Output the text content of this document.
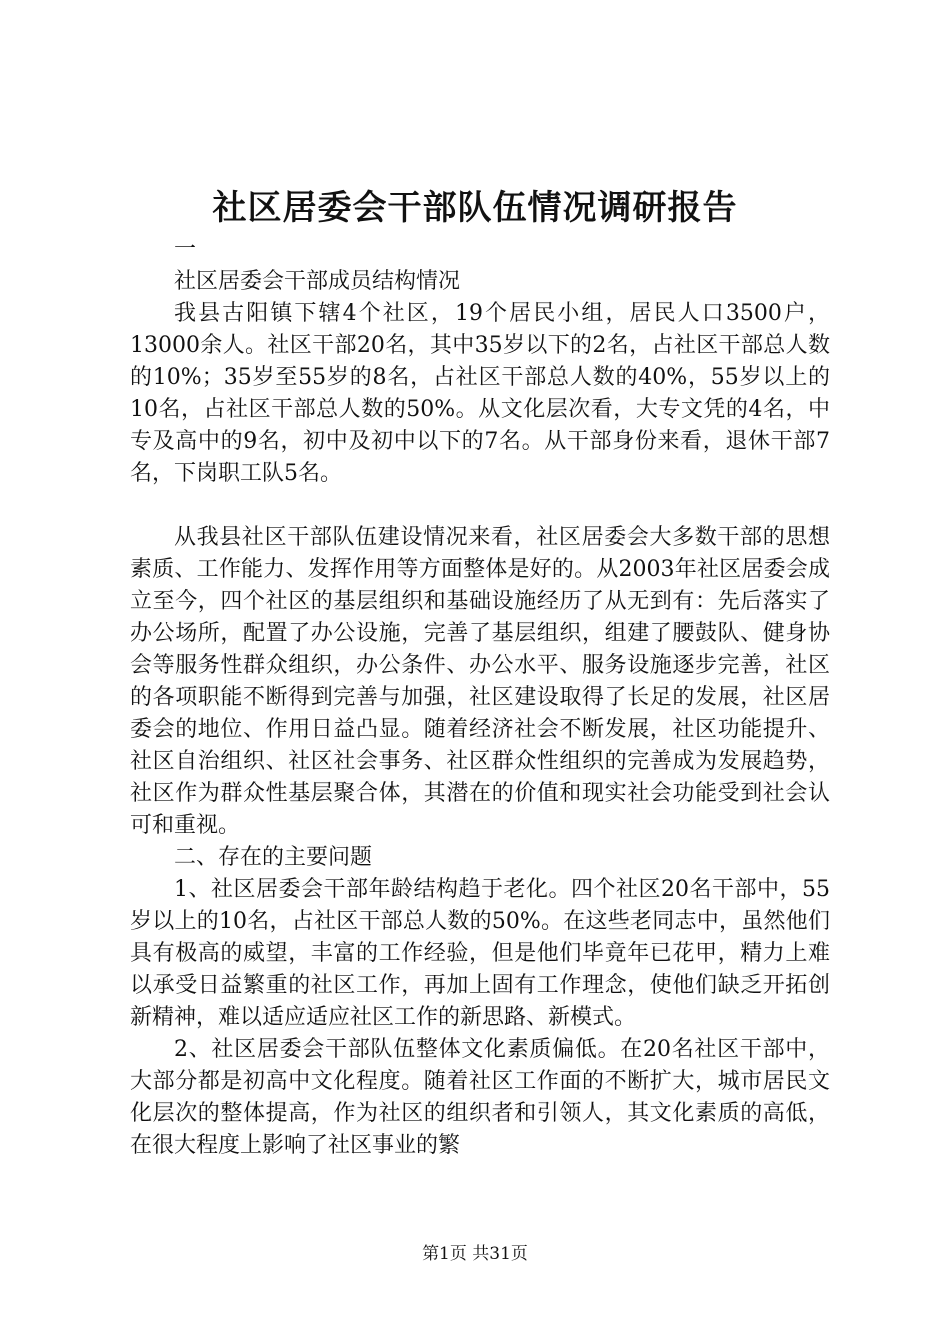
社区居委会干部队伍情况调研报告

一

社区居委会干部成员结构情况

我县古阳镇下辖4个社区，19个居民小组，居民人口3500户，13000余人。社区干部20名，其中35岁以下的2名，占社区干部总人数的10%；35岁至55岁的8名，占社区干部总人数的40%，55岁以上的10名，占社区干部总人数的50%。从文化层次看，大专文凭的4名，中专及高中的9名，初中及初中以下的7名。从干部身份来看，退休干部7名，下岗职工队5名。

从我县社区干部队伍建设情况来看，社区居委会大多数干部的思想素质、工作能力、发挥作用等方面整体是好的。从2003年社区居委会成立至今，四个社区的基层组织和基础设施经历了从无到有：先后落实了办公场所，配置了办公设施，完善了基层组织，组建了腰鼓队、健身协会等服务性群众组织，办公条件、办公水平、服务设施逐步完善，社区的各项职能不断得到完善与加强，社区建设取得了长足的发展，社区居委会的地位、作用日益凸显。随着经济社会不断发展，社区功能提升、社区自治组织、社区社会事务、社区群众性组织的完善成为发展趋势，社区作为群众性基层聚合体，其潜在的价值和现实社会功能受到社会认可和重视。

二、存在的主要问题

1、社区居委会干部年龄结构趋于老化。四个社区20名干部中，55岁以上的10名，占社区干部总人数的50%。在这些老同志中，虽然他们具有极高的威望，丰富的工作经验，但是他们毕竟年已花甲，精力上难以承受日益繁重的社区工作，再加上固有工作理念，使他们缺乏开拓创新精神，难以适应适应社区工作的新思路、新模式。

2、社区居委会干部队伍整体文化素质偏低。在20名社区干部中，大部分都是初高中文化程度。随着社区工作面的不断扩大，城市居民文化层次的整体提高，作为社区的组织者和引领人，其文化素质的高低，在很大程度上影响了社区事业的繁

第1页 共31页
